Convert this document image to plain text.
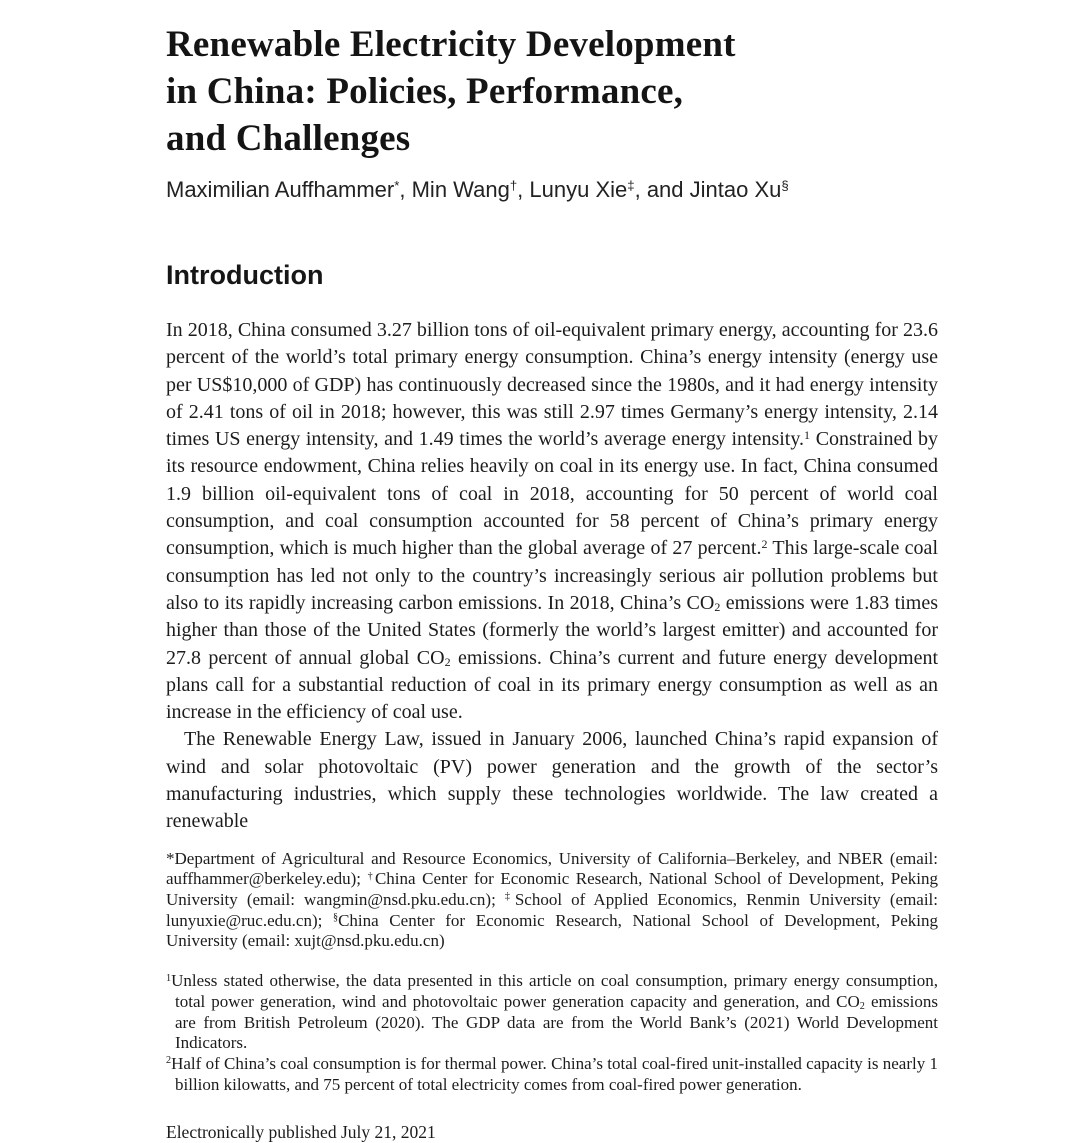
Renewable Electricity Development
in China: Policies, Performance,
and Challenges

Maximilian Auffhammer*, Min Wang†, Lunyu Xie‡, and Jintao Xu§

Introduction

In 2018, China consumed 3.27 billion tons of oil-equivalent primary energy, accounting for 23.6 percent of the world’s total primary energy consumption. China’s energy intensity (energy use per US$10,000 of GDP) has continuously decreased since the 1980s, and it had energy intensity of 2.41 tons of oil in 2018; however, this was still 2.97 times Germany’s energy intensity, 2.14 times US energy intensity, and 1.49 times the world’s average energy intensity.$^1$ Constrained by its resource endowment, China relies heavily on coal in its energy use. In fact, China consumed 1.9 billion oil-equivalent tons of coal in 2018, accounting for 50 percent of world coal consumption, and coal consumption accounted for 58 percent of China’s primary energy consumption, which is much higher than the global average of 27 percent.$^2$ This large-scale coal consumption has led not only to the country’s increasingly serious air pollution problems but also to its rapidly increasing carbon emissions. In 2018, China’s $CO_2$ emissions were 1.83 times higher than those of the United States (formerly the world’s largest emitter) and accounted for 27.8 percent of annual global $CO_2$ emissions. China’s current and future energy development plans call for a substantial reduction of coal in its primary energy consumption as well as an increase in the efficiency of coal use.

The Renewable Energy Law, issued in January 2006, launched China’s rapid expansion of wind and solar photovoltaic (PV) power generation and the growth of the sector’s manufacturing industries, which supply these technologies worldwide. The law created a renewable

*Department of Agricultural and Resource Economics, University of California–Berkeley, and NBER (email: auffhammer@berkeley.edu); †China Center for Economic Research, National School of Development, Peking University (email: wangmin@nsd.pku.edu.cn); ‡School of Applied Economics, Renmin University (email: lunyuxie@ruc.edu.cn); §China Center for Economic Research, National School of Development, Peking University (email: xujt@nsd.pku.edu.cn)

$^1$Unless stated otherwise, the data presented in this article on coal consumption, primary energy consumption, total power generation, wind and photovoltaic power generation capacity and generation, and $CO_2$ emissions are from British Petroleum (2020). The GDP data are from the World Bank’s (2021) World Development Indicators.

$^2$Half of China’s coal consumption is for thermal power. China’s total coal-fired unit-installed capacity is nearly 1 billion kilowatts, and 75 percent of total electricity comes from coal-fired power generation.

Electronically published July 21, 2021
